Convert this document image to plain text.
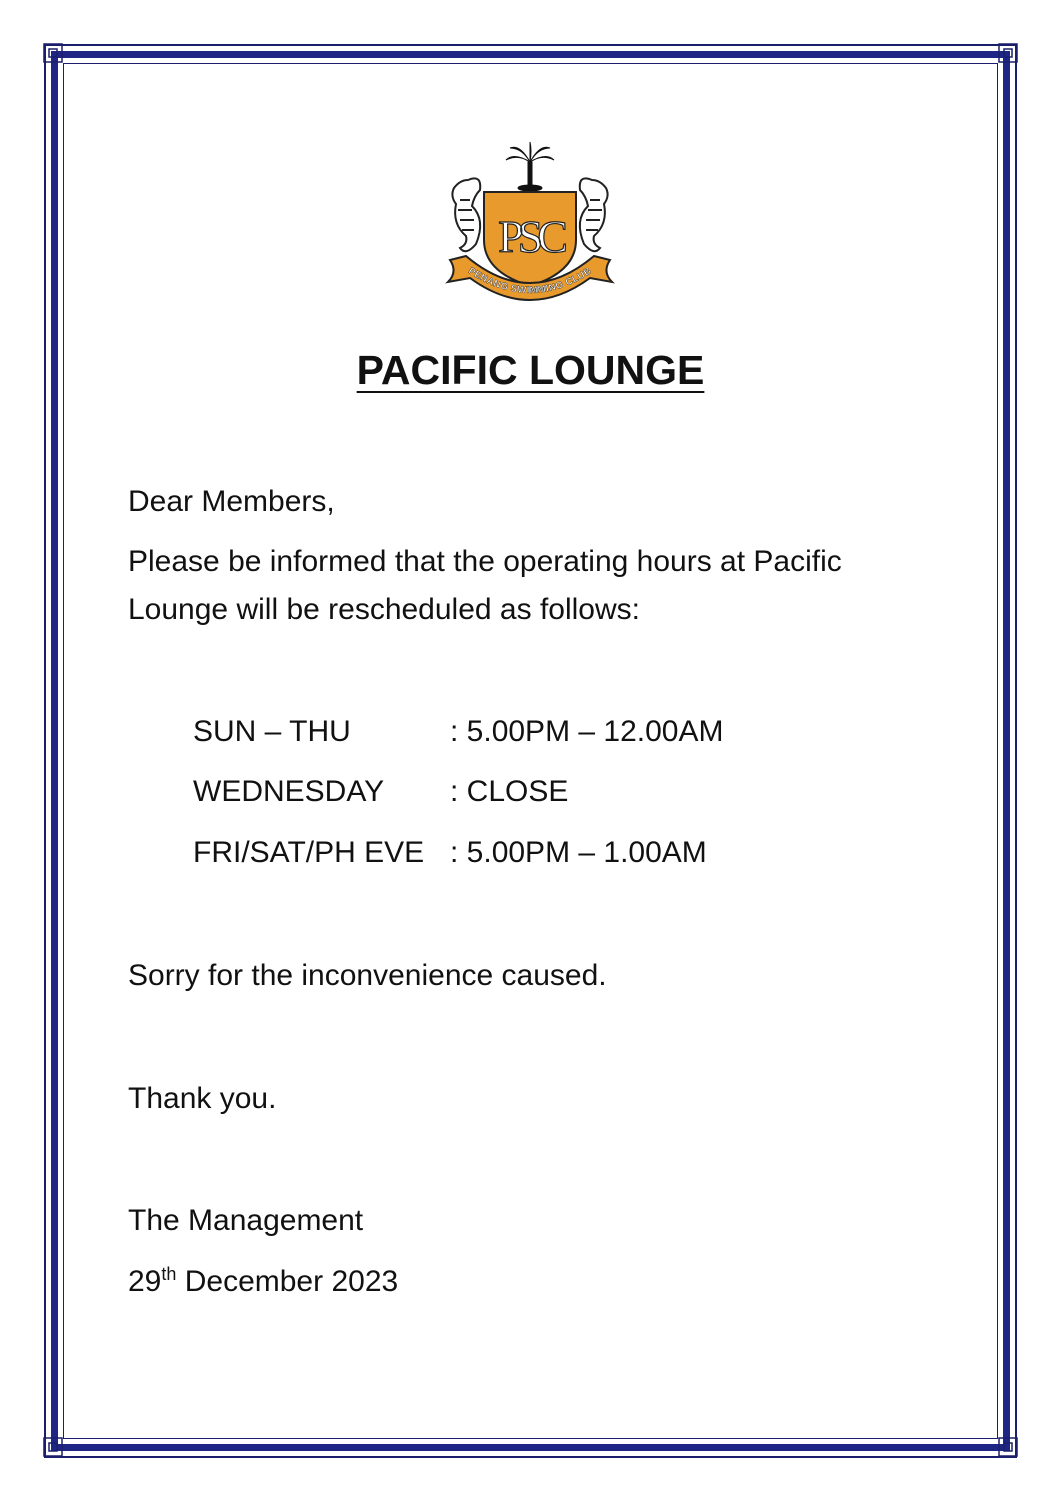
PSC
PENANG SWIMMING CLUB
PACIFIC LOUNGE
Dear Members,
Please be informed that the operating hours at Pacific
Lounge will be rescheduled as follows:
SUN – THU	: 5.00PM – 12.00AM
WEDNESDAY : CLOSE
FRI/SAT/PH EVE : 5.00PM – 1.00AM
Sorry for the inconvenience caused.
Thank you.
The Management
29th December 2023
